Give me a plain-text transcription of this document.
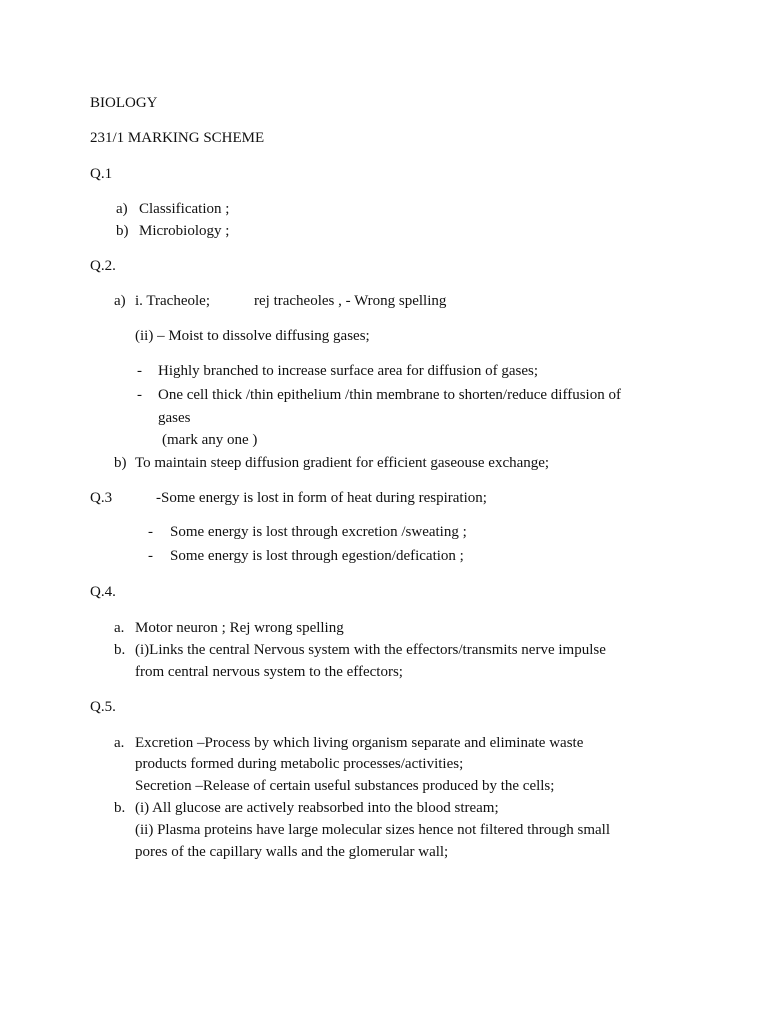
BIOLOGY
231/1 MARKING SCHEME
Q.1
a) Classification ;
b) Microbiology ;
Q.2.
a) i. Tracheole;	rej tracheoles , - Wrong spelling
(ii) – Moist to dissolve diffusing gases;
- Highly branched to increase surface area for diffusion of gases;
- One cell thick /thin epithelium /thin membrane to shorten/reduce diffusion of
gases
(mark any one )
b) To maintain steep diffusion gradient for efficient gaseouse exchange;
Q.3	-Some energy is lost in form of heat during respiration;
- Some energy is lost through excretion /sweating ;
- Some energy is lost through egestion/defication ;
Q.4.
a. Motor neuron ; Rej wrong spelling
b. (i)Links the central Nervous system with the effectors/transmits nerve impulse
from central nervous system to the effectors;
Q.5.
a. Excretion –Process by which living organism separate and eliminate waste
products formed during metabolic processes/activities;
Secretion –Release of certain useful substances produced by the cells;
b. (i) All glucose are actively reabsorbed into the blood stream;
(ii) Plasma proteins have large molecular sizes hence not filtered through small
pores of the capillary walls and the glomerular wall;
